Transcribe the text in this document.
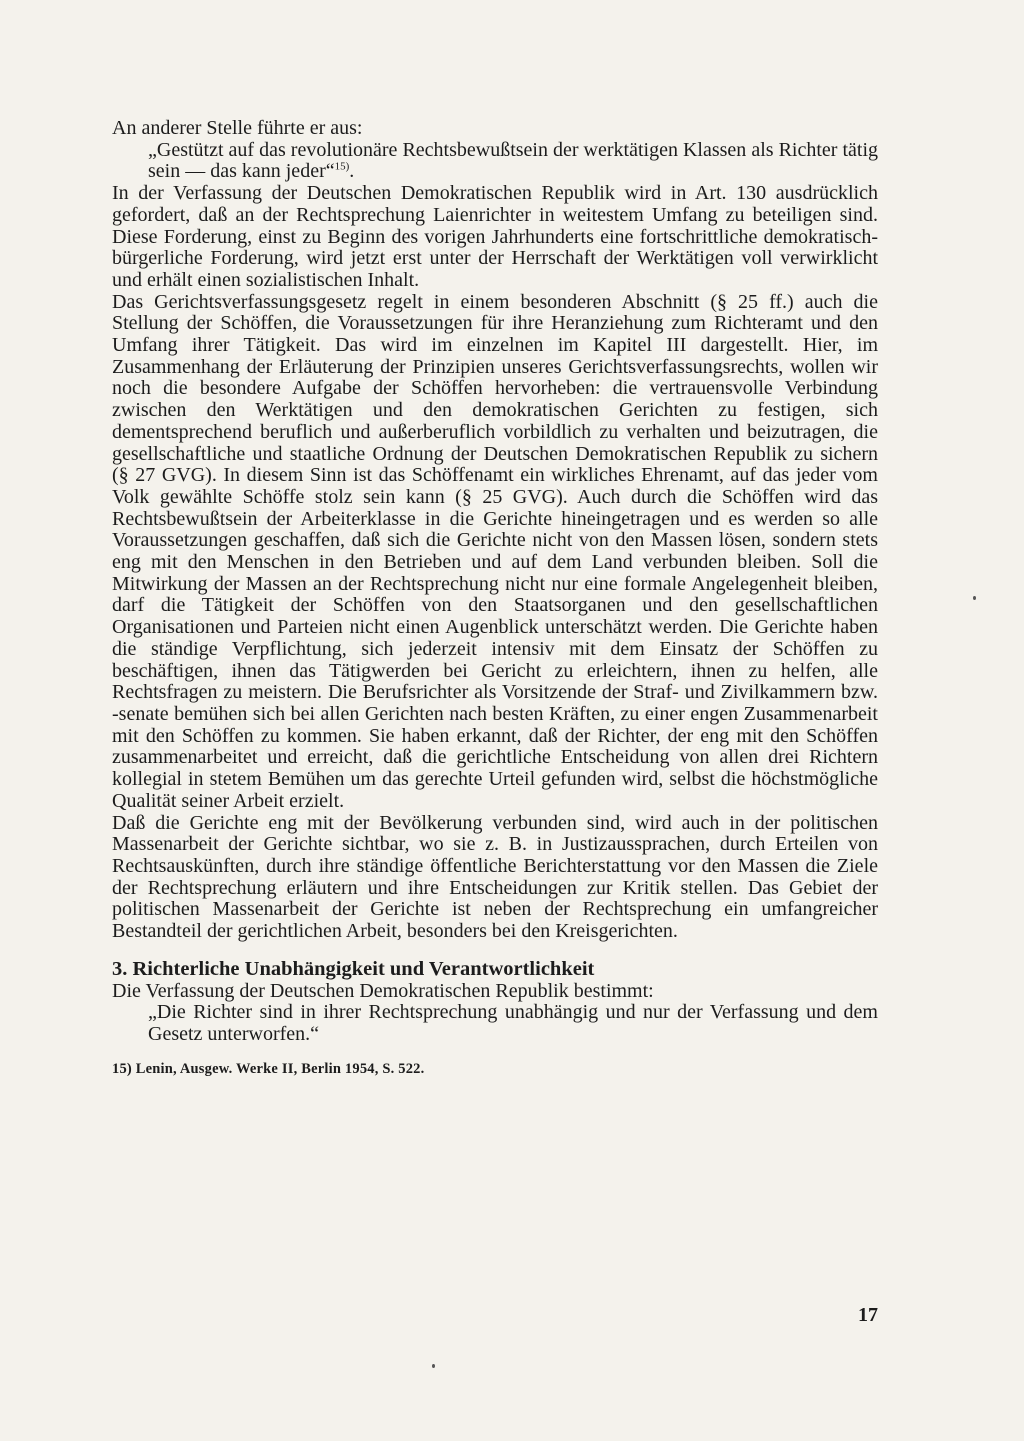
An anderer Stelle führte er aus:

„Gestützt auf das revolutionäre Rechtsbewußtsein der werktätigen Klassen als Richter tätig sein — das kann jeder“$^{15)}$.

In der Verfassung der Deutschen Demokratischen Republik wird in Art. 130 ausdrücklich gefordert, daß an der Rechtsprechung Laienrichter in weitestem Umfang zu beteiligen sind. Diese Forderung, einst zu Beginn des vorigen Jahrhunderts eine fortschrittliche demokratisch-bürgerliche Forderung, wird jetzt erst unter der Herrschaft der Werktätigen voll verwirklicht und erhält einen sozialistischen Inhalt.

Das Gerichtsverfassungsgesetz regelt in einem besonderen Abschnitt (§ 25 ff.) auch die Stellung der Schöffen, die Voraussetzungen für ihre Heranziehung zum Richteramt und den Umfang ihrer Tätigkeit. Das wird im einzelnen im Kapitel III dargestellt. Hier, im Zusammenhang der Erläuterung der Prinzipien unseres Gerichtsverfassungsrechts, wollen wir noch die besondere Aufgabe der Schöffen hervorheben: die vertrauensvolle Verbindung zwischen den Werktätigen und den demokratischen Gerichten zu festigen, sich dementsprechend beruflich und außerberuflich vorbildlich zu verhalten und beizutragen, die gesellschaftliche und staatliche Ordnung der Deutschen Demokratischen Republik zu sichern (§ 27 GVG). In diesem Sinn ist das Schöffenamt ein wirkliches Ehrenamt, auf das jeder vom Volk gewählte Schöffe stolz sein kann (§ 25 GVG). Auch durch die Schöffen wird das Rechtsbewußtsein der Arbeiterklasse in die Gerichte hineingetragen und es werden so alle Voraussetzungen geschaffen, daß sich die Gerichte nicht von den Massen lösen, sondern stets eng mit den Menschen in den Betrieben und auf dem Land verbunden bleiben. Soll die Mitwirkung der Massen an der Rechtsprechung nicht nur eine formale Angelegenheit bleiben, darf die Tätigkeit der Schöffen von den Staatsorganen und den gesellschaftlichen Organisationen und Parteien nicht einen Augenblick unterschätzt werden. Die Gerichte haben die ständige Verpflichtung, sich jederzeit intensiv mit dem Einsatz der Schöffen zu beschäftigen, ihnen das Tätigwerden bei Gericht zu erleichtern, ihnen zu helfen, alle Rechtsfragen zu meistern. Die Berufsrichter als Vorsitzende der Straf- und Zivilkammern bzw. -senate bemühen sich bei allen Gerichten nach besten Kräften, zu einer engen Zusammenarbeit mit den Schöffen zu kommen. Sie haben erkannt, daß der Richter, der eng mit den Schöffen zusammenarbeitet und erreicht, daß die gerichtliche Entscheidung von allen drei Richtern kollegial in stetem Bemühen um das gerechte Urteil gefunden wird, selbst die höchstmögliche Qualität seiner Arbeit erzielt.

Daß die Gerichte eng mit der Bevölkerung verbunden sind, wird auch in der politischen Massenarbeit der Gerichte sichtbar, wo sie z. B. in Justizaussprachen, durch Erteilen von Rechtsauskünften, durch ihre ständige öffentliche Berichterstattung vor den Massen die Ziele der Rechtsprechung erläutern und ihre Entscheidungen zur Kritik stellen. Das Gebiet der politischen Massenarbeit der Gerichte ist neben der Rechtsprechung ein umfangreicher Bestandteil der gerichtlichen Arbeit, besonders bei den Kreisgerichten.

3. Richterliche Unabhängigkeit und Verantwortlichkeit

Die Verfassung der Deutschen Demokratischen Republik bestimmt:

„Die Richter sind in ihrer Rechtsprechung unabhängig und nur der Verfassung und dem Gesetz unterworfen.“

15) Lenin, Ausgew. Werke II, Berlin 1954, S. 522.
17
